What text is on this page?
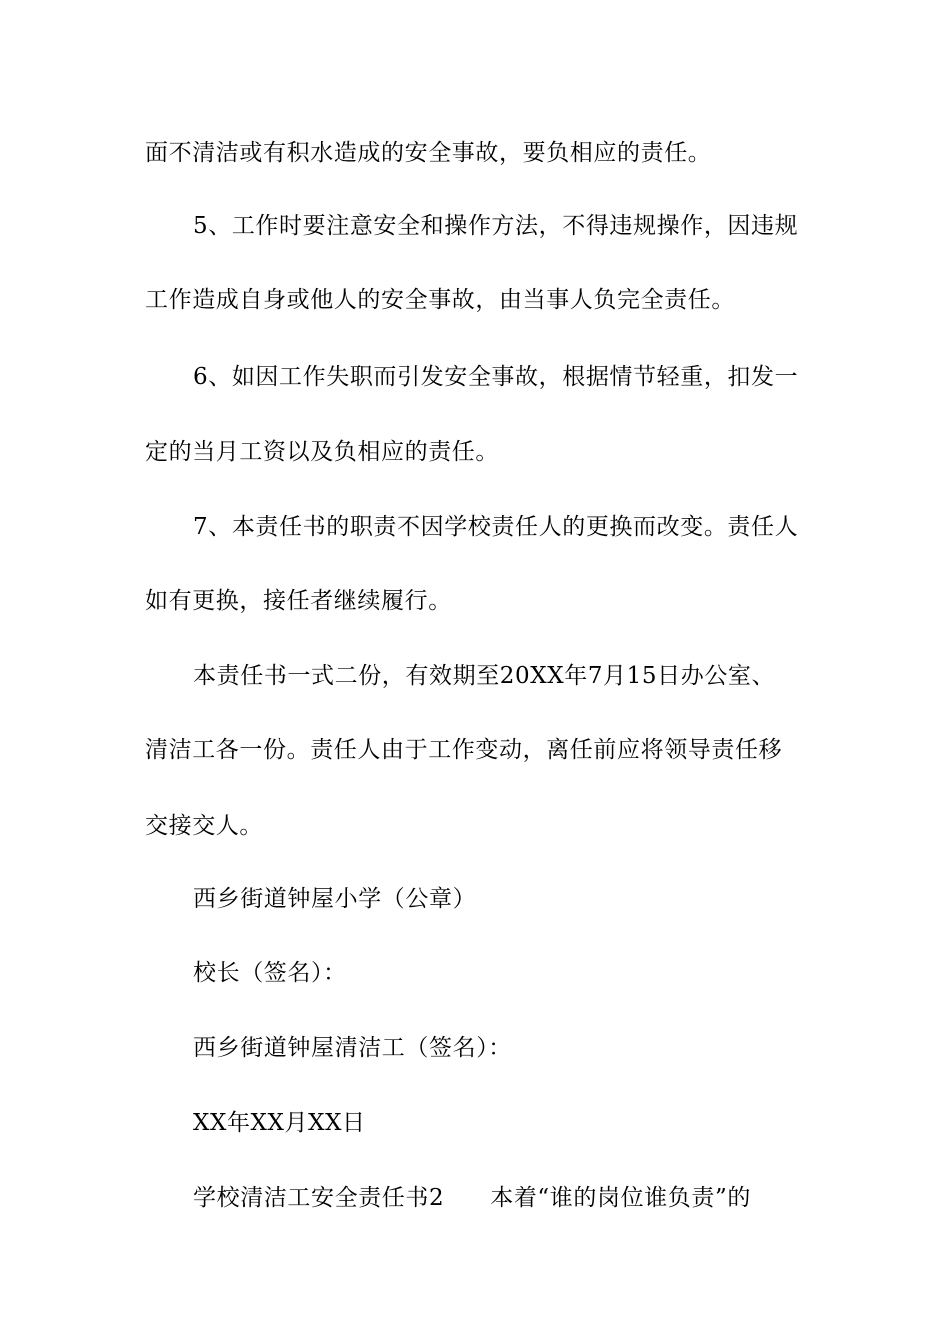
面不清洁或有积水造成的安全事故，要负相应的责任。
5、工作时要注意安全和操作方法，不得违规操作，因违规
工作造成自身或他人的安全事故，由当事人负完全责任。
6、如因工作失职而引发安全事故，根据情节轻重，扣发一
定的当月工资以及负相应的责任。
7、本责任书的职责不因学校责任人的更换而改变。责任人
如有更换，接任者继续履行。
本责任书一式二份，有效期至20XX年7月15日办公室、
清洁工各一份。责任人由于工作变动，离任前应将领导责任移
交接交人。
西乡街道钟屋小学（公章）
校长（签名）：
西乡街道钟屋清洁工（签名）：
XX年XX月XX日
学校清洁工安全责任书2 本着“谁的岗位谁负责”的
